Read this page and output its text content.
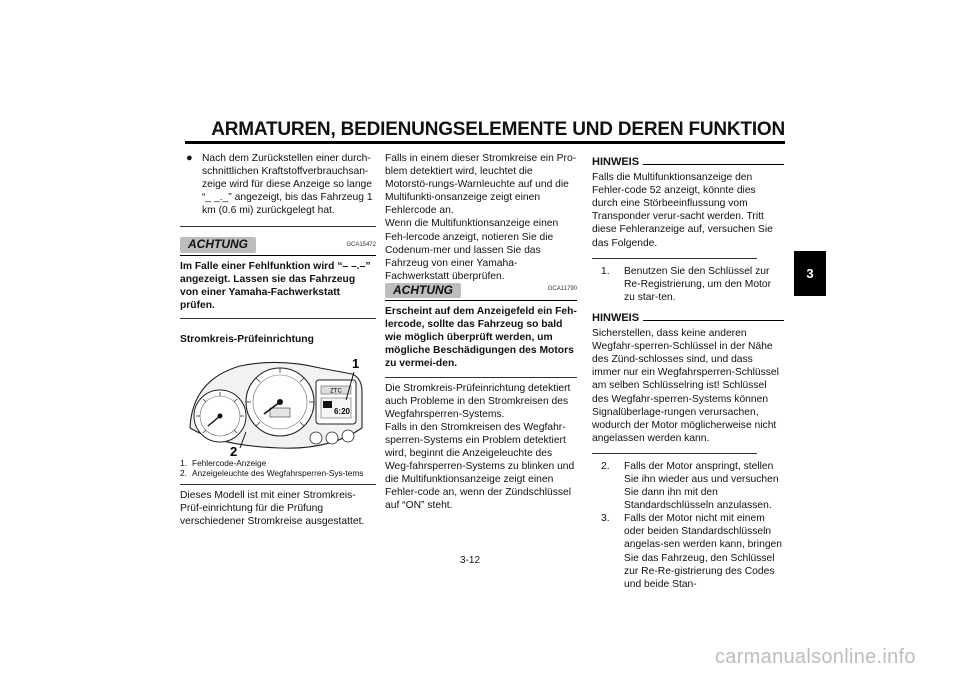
ARMATUREN, BEDIENUNGSELEMENTE UND DEREN FUNKTION
● Nach dem Zurückstellen einer durch-schnittlichen Kraftstoffverbrauchsan-zeige wird für diese Anzeige so lange “_ _._” angezeigt, bis das Fahrzeug 1 km (0.6 mi) zurückgelegt hat.
ACHTUNG	GCA15472
Im Falle einer Fehlfunktion wird “– –.–” angezeigt. Lassen sie das Fahrzeug von einer Yamaha-Fachwerkstatt prüfen.
Stromkreis-Prüfeinrichtung
ZTC
6:20
1
2
1. Fehlercode-Anzeige
2. Anzeigeleuchte des Wegfahrsperren-Sys-tems
Dieses Modell ist mit einer Stromkreis-Prüf-einrichtung für die Prüfung verschiedener Stromkreise ausgestattet.
Falls in einem dieser Stromkreise ein Pro-blem detektiert wird, leuchtet die Motorstö-rungs-Warnleuchte auf und die Multifunkti-onsanzeige zeigt einen Fehlercode an.
Wenn die Multifunktionsanzeige einen Feh-lercode anzeigt, notieren Sie die Codenum-mer und lassen Sie das Fahrzeug von einer Yamaha-Fachwerkstatt überprüfen.
ACHTUNG	GCA11790
Erscheint auf dem Anzeigefeld ein Feh-lercode, sollte das Fahrzeug so bald wie möglich überprüft werden, um mögliche Beschädigungen des Motors zu vermei-den.
Die Stromkreis-Prüfeinrichtung detektiert auch Probleme in den Stromkreisen des Wegfahrsperren-Systems.
Falls in den Stromkreisen des Wegfahr-sperren-Systems ein Problem detektiert wird, beginnt die Anzeigeleuchte des Weg-fahrsperren-Systems zu blinken und die Multifunktionsanzeige zeigt einen Fehler-code an, wenn der Zündschlüssel auf “ON” steht.
HINWEIS
Falls die Multifunktionsanzeige den Fehler-code 52 anzeigt, könnte dies durch eine Störbeeinflussung vom Transponder verur-sacht werden. Tritt diese Fehleranzeige auf, versuchen Sie das Folgende.
1. Benutzen Sie den Schlüssel zur Re-Registrierung, um den Motor zu star-ten.
HINWEIS
Sicherstellen, dass keine anderen Wegfahr-sperren-Schlüssel in der Nähe des Zünd-schlosses sind, und dass immer nur ein Wegfahrsperren-Schlüssel am selben Schlüsselring ist! Schlüssel des Wegfahr-sperren-Systems können Signalüberlage-rungen verursachen, wodurch der Motor möglicherweise nicht angelassen werden kann.
2. Falls der Motor anspringt, stellen Sie ihn wieder aus und versuchen Sie dann ihn mit den Standardschlüsseln anzulassen.
3. Falls der Motor nicht mit einem oder beiden Standardschlüsseln angelas-sen werden kann, bringen Sie das Fahrzeug, den Schlüssel zur Re-Re-gistrierung des Codes und beide Stan-
3
3-12
carmanualsonline.info
